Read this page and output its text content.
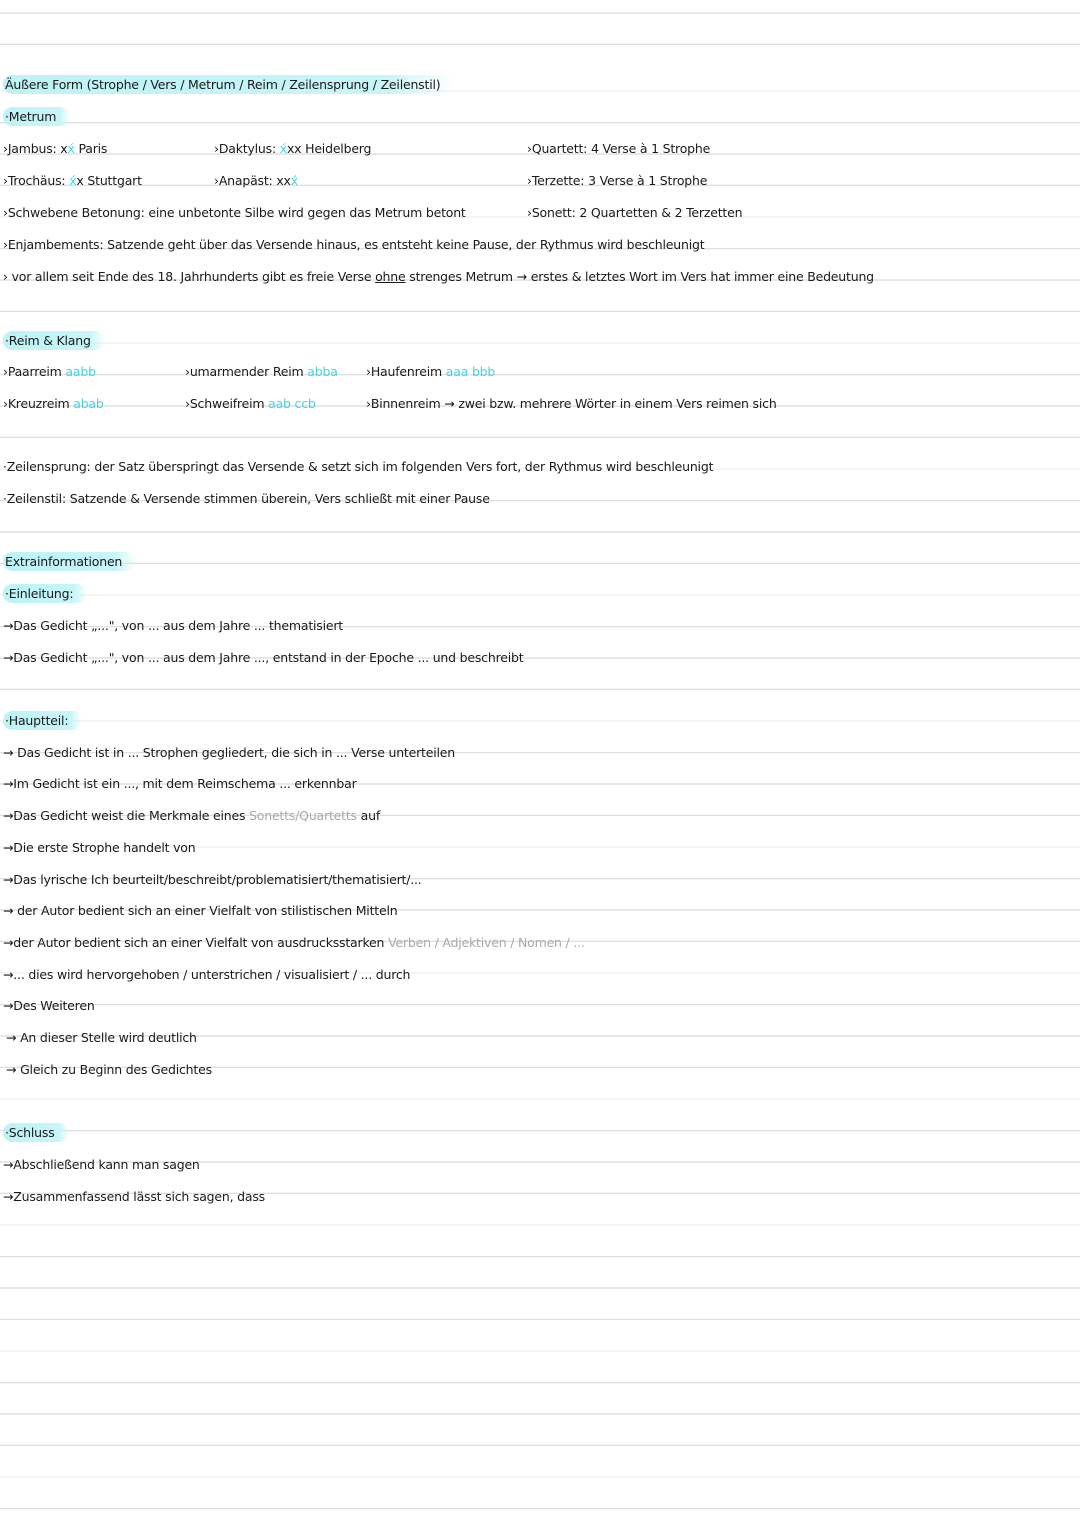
Äußere Form (Strophe / Vers / Metrum / Reim / Zeilensprung / Zeilenstil)
·Metrum
›Jambus: xx́ Paris	›Daktylus: x́xx Heidelberg	›Quartett: 4 Verse à 1 Strophe
›Trochäus: x́x Stuttgart	›Anapäst: xxx́	›Terzette: 3 Verse à 1 Strophe
›Schwebene Betonung: eine unbetonte Silbe wird gegen das Metrum betont	›Sonett: 2 Quartetten & 2 Terzetten
›Enjambements: Satzende geht über das Versende hinaus, es entsteht keine Pause, der Rythmus wird beschleunigt
› vor allem seit Ende des 18. Jahrhunderts gibt es freie Verse ohne strenges Metrum → erstes & letztes Wort im Vers hat immer eine Bedeutung
·Reim & Klang
›Paarreim aabb	›umarmender Reim abba ›Haufenreim aaa bbb
›Kreuzreim abab	›Schweifreim aab ccb	›Binnenreim → zwei bzw. mehrere Wörter in einem Vers reimen sich
·Zeilensprung: der Satz überspringt das Versende & setzt sich im folgenden Vers fort, der Rythmus wird beschleunigt
·Zeilenstil: Satzende & Versende stimmen überein, Vers schließt mit einer Pause
Extrainformationen
·Einleitung:
→Das Gedicht „...", von ... aus dem Jahre ... thematisiert
→Das Gedicht „...", von ... aus dem Jahre ..., entstand in der Epoche ... und beschreibt
·Hauptteil:
→ Das Gedicht ist in ... Strophen gegliedert, die sich in ... Verse unterteilen
→Im Gedicht ist ein ..., mit dem Reimschema ... erkennbar
→Das Gedicht weist die Merkmale eines Sonetts/Quartetts auf
→Die erste Strophe handelt von
→Das lyrische Ich beurteilt/beschreibt/problematisiert/thematisiert/...
→ der Autor bedient sich an einer Vielfalt von stilistischen Mitteln
→der Autor bedient sich an einer Vielfalt von ausdrucksstarken Verben / Adjektiven / Nomen / ...
→... dies wird hervorgehoben / unterstrichen / visualisiert / ... durch
→Des Weiteren
→ An dieser Stelle wird deutlich
→ Gleich zu Beginn des Gedichtes
·Schluss
→Abschließend kann man sagen
→Zusammenfassend lässt sich sagen, dass
